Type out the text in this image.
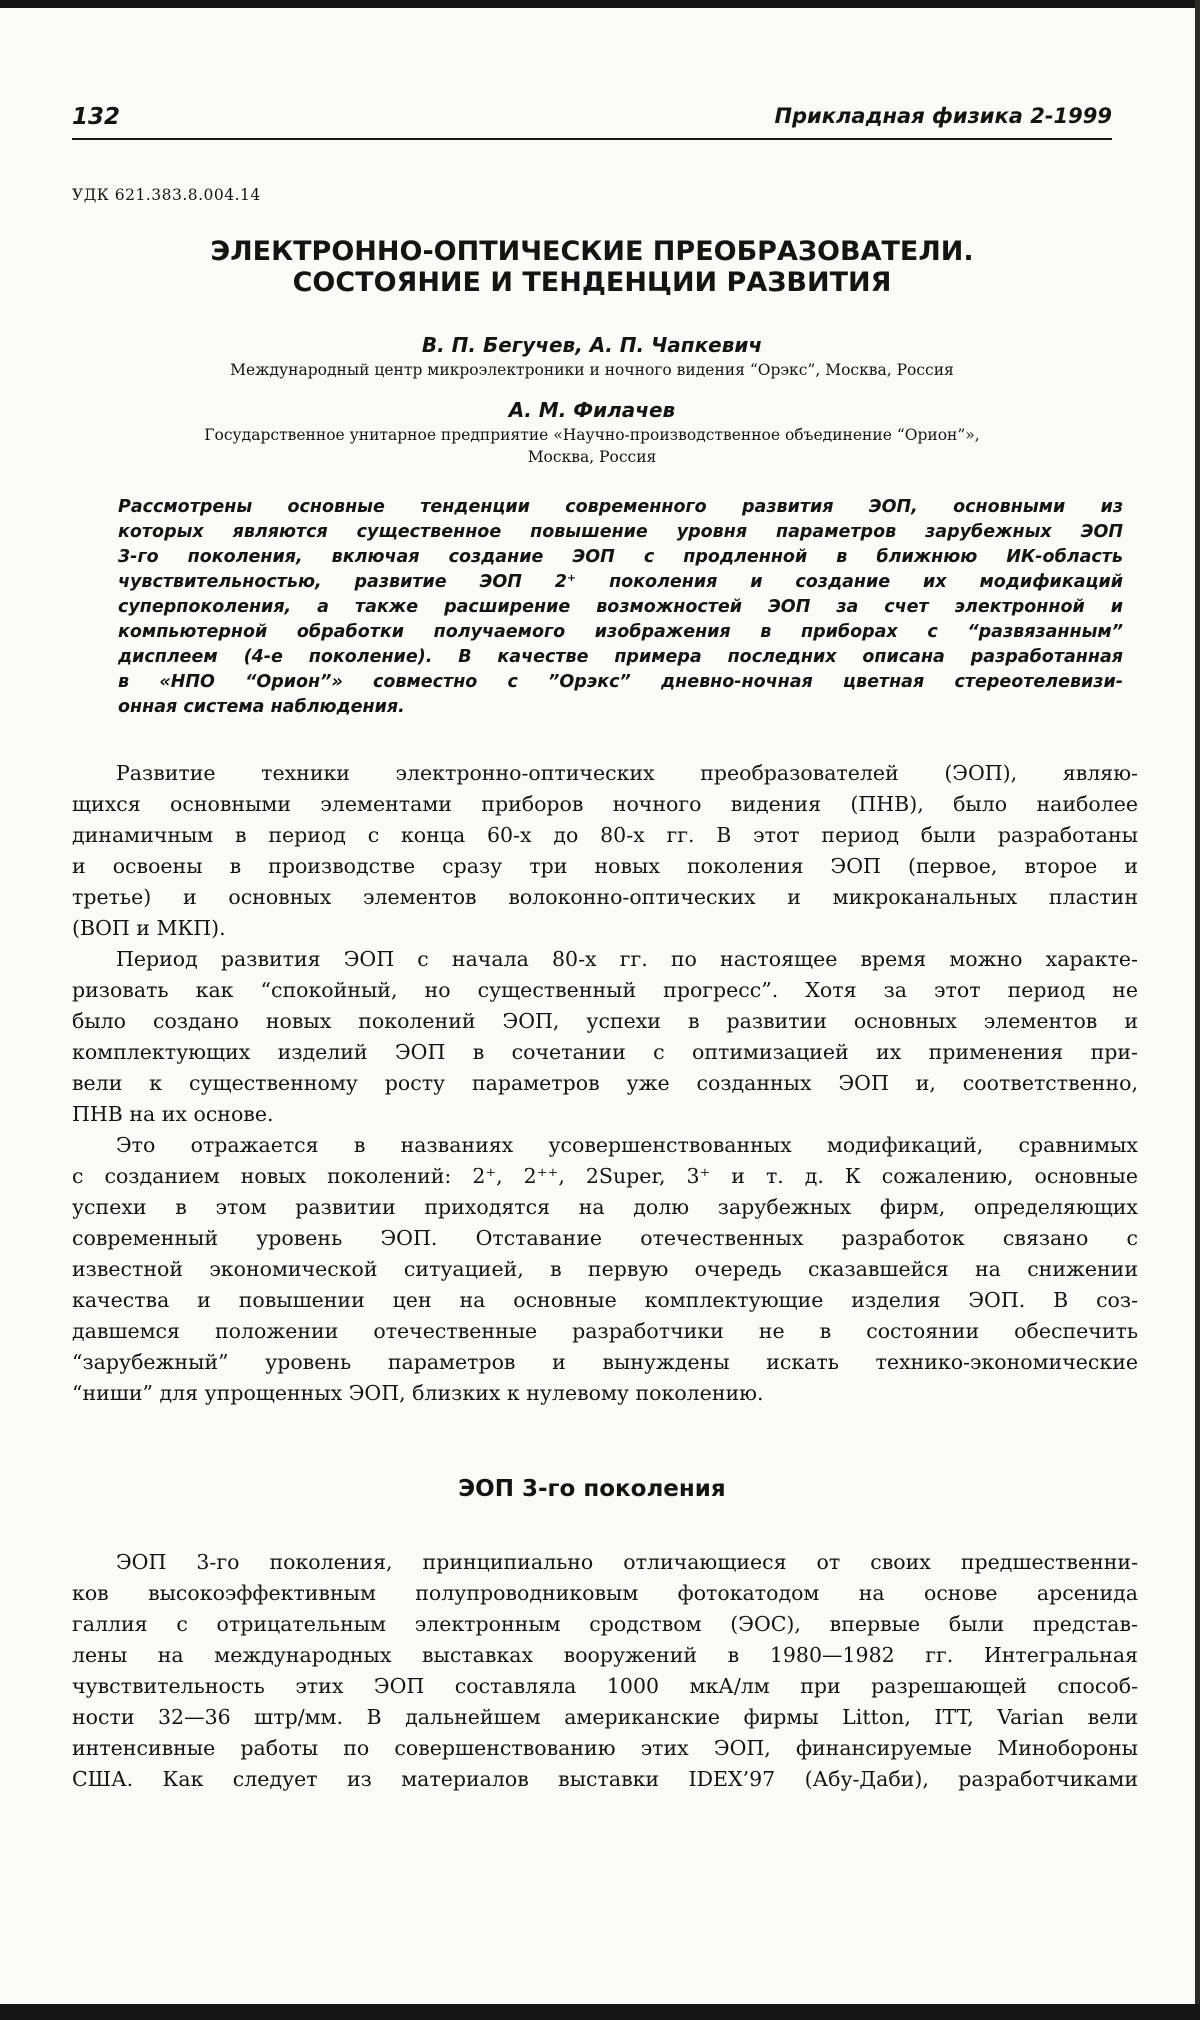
132	Прикладная физика 2-1999
УДК 621.383.8.004.14
ЭЛЕКТРОННО-ОПТИЧЕСКИЕ ПРЕОБРАЗОВАТЕЛИ.
СОСТОЯНИЕ И ТЕНДЕНЦИИ РАЗВИТИЯ
В. П. Бегучев, А. П. Чапкевич
Международный центр микроэлектроники и ночного видения “Орэкс”, Москва, Россия
А. М. Филачев
Государственное унитарное предприятие «Научно-производственное объединение “Орион”»,
Москва, Россия
Рассмотрены основные тенденции современного развития ЭОП, основными из
которых являются существенное повышение уровня параметров зарубежных ЭОП
3-го поколения, включая создание ЭОП с продленной в ближнюю ИК-область
чувствительностью, развитие ЭОП 2⁺ поколения и создание их модификаций
суперпоколения, а также расширение возможностей ЭОП за счет электронной и
компьютерной обработки получаемого изображения в приборах с “развязанным”
дисплеем (4-е поколение). В качестве примера последних описана разработанная
в «НПО “Орион”» совместно с ”Орэкс” дневно-ночная цветная стереотелевизи-
онная система наблюдения.
Развитие техники электронно-оптических преобразователей (ЭОП), являю-
щихся основными элементами приборов ночного видения (ПНВ), было наиболее
динамичным в период с конца 60-х до 80-х гг. В этот период были разработаны
и освоены в производстве сразу три новых поколения ЭОП (первое, второе и
третье) и основных элементов волоконно-оптических и микроканальных пластин
(ВОП и МКП).
Период развития ЭОП с начала 80-х гг. по настоящее время можно характе-
ризовать как “спокойный, но существенный прогресс”. Хотя за этот период не
было создано новых поколений ЭОП, успехи в развитии основных элементов и
комплектующих изделий ЭОП в сочетании с оптимизацией их применения при-
вели к существенному росту параметров уже созданных ЭОП и, соответственно,
ПНВ на их основе.
Это отражается в названиях усовершенствованных модификаций, сравнимых
с созданием новых поколений: 2⁺, 2⁺⁺, 2Super, 3⁺ и т. д. К сожалению, основные
успехи в этом развитии приходятся на долю зарубежных фирм, определяющих
современный уровень ЭОП. Отставание отечественных разработок связано с
известной экономической ситуацией, в первую очередь сказавшейся на снижении
качества и повышении цен на основные комплектующие изделия ЭОП. В соз-
давшемся положении отечественные разработчики не в состоянии обеспечить
“зарубежный” уровень параметров и вынуждены искать технико-экономические
“ниши” для упрощенных ЭОП, близких к нулевому поколению.
ЭОП 3-го поколения
ЭОП 3-го поколения, принципиально отличающиеся от своих предшественни-
ков высокоэффективным полупроводниковым фотокатодом на основе арсенида
галлия с отрицательным электронным сродством (ЭОС), впервые были представ-
лены на международных выставках вооружений в 1980—1982 гг. Интегральная
чувствительность этих ЭОП составляла 1000 мкА/лм при разрешающей способ-
ности 32—36 штр/мм. В дальнейшем американские фирмы Litton, ITT, Varian вели
интенсивные работы по совершенствованию этих ЭОП, финансируемые Минобороны
США. Как следует из материалов выставки IDEX’97 (Абу-Даби), разработчиками
